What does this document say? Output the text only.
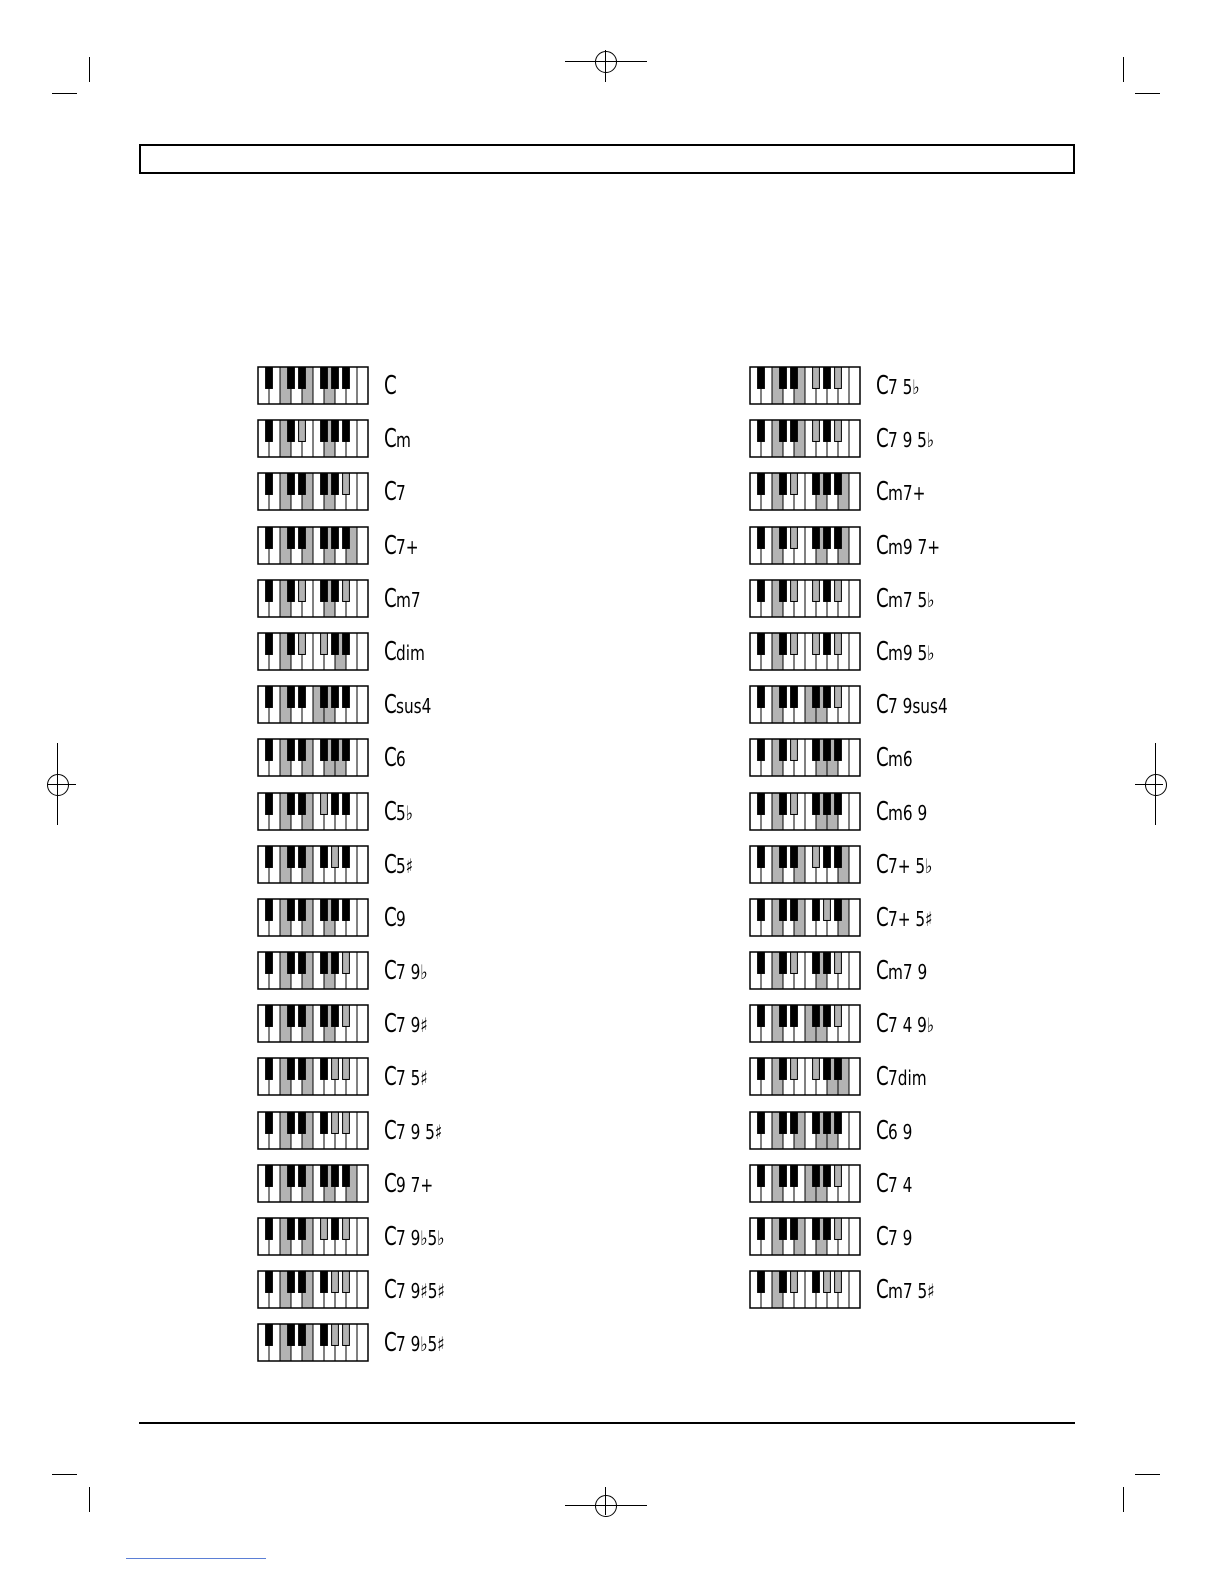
C
Cm
C7
C7+
Cm7
Cdim
Csus4
C6
C5♭
C5♯
C9
C7 9♭
C7 9♯
C7 5♯
C7 9 5♯
C9 7+
C7 9♭5♭
C7 9♯5♯
C7 9♭5♯
C7 5♭
C7 9 5♭
Cm7+
Cm9 7+
Cm7 5♭
Cm9 5♭
C7 9sus4
Cm6
Cm6 9
C7+ 5♭
C7+ 5♯
Cm7 9
C7 4 9♭
C7dim
C6 9
C7 4
C7 9
Cm7 5♯
